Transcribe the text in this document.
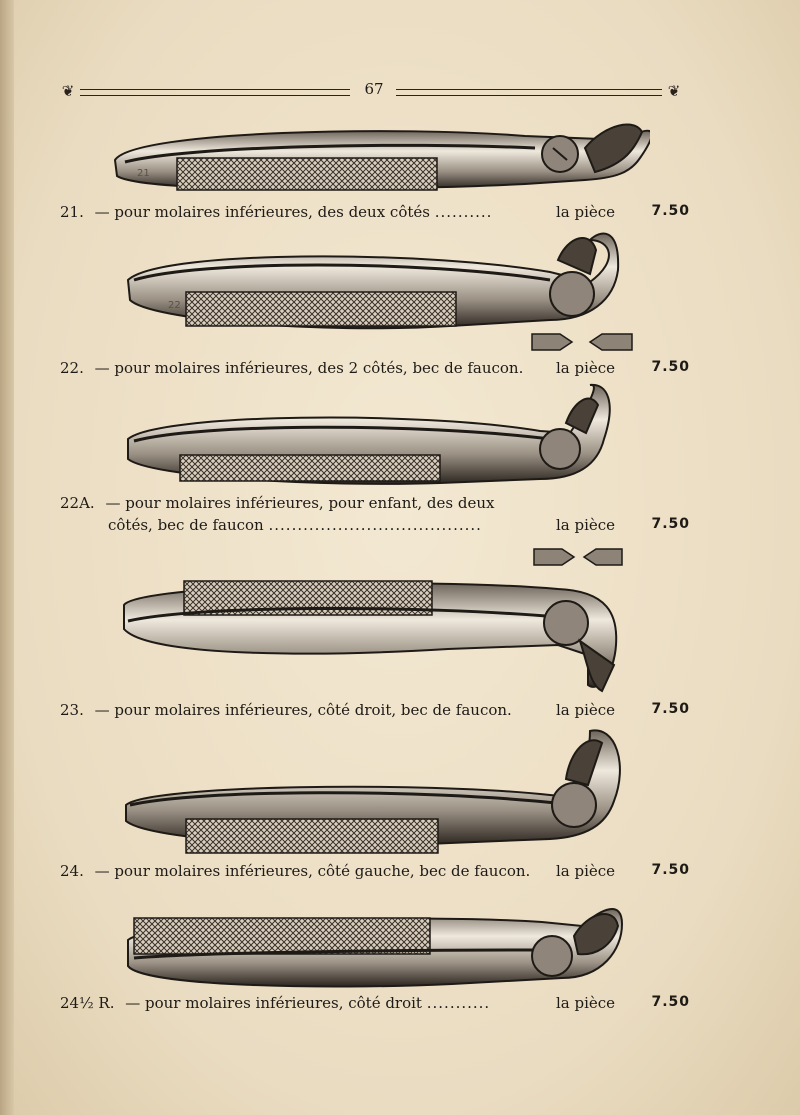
❦	67	❦
21
21. — pour molaires inférieures, des deux côtés ..........	la pièce	7.50
22
22. — pour molaires inférieures, des 2 côtés, bec de faucon. la pièce	7.50
22A. — pour molaires inférieures, pour enfant, des deux
côtés, bec de faucon .....................................	la pièce	7.50
23. — pour molaires inférieures, côté droit, bec de faucon.	la pièce	7.50
24. — pour molaires inférieures, côté gauche, bec de faucon. la pièce	7.50
24½ R. — pour molaires inférieures, côté droit ...........	la pièce	7.50
